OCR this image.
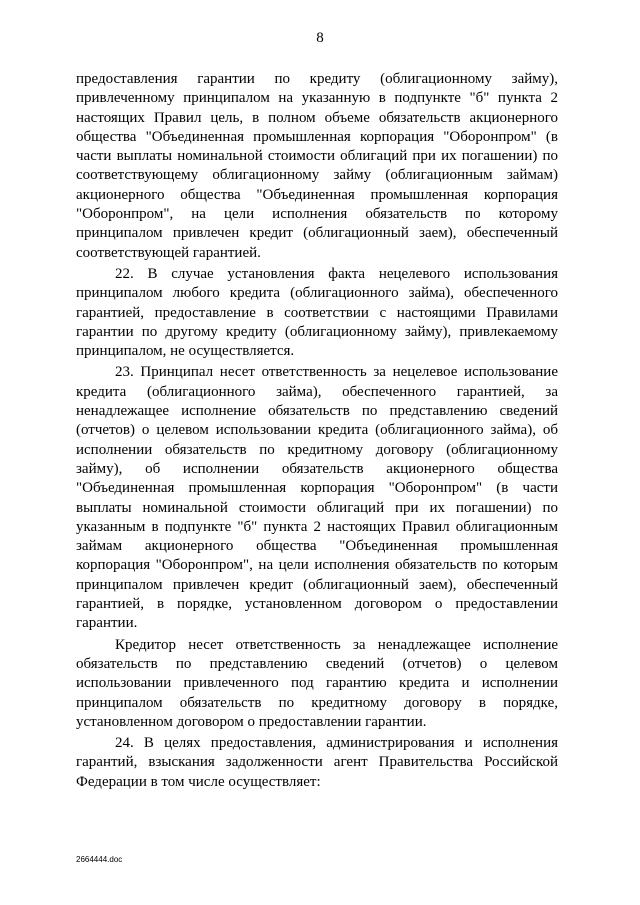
8

предоставления гарантии по кредиту (облигационному займу), привлеченному принципалом на указанную в подпункте "б" пункта 2 настоящих Правил цель, в полном объеме обязательств акционерного общества "Объединенная промышленная корпорация "Оборонпром" (в части выплаты номинальной стоимости облигаций при их погашении) по соответствующему облигационному займу (облигационным займам) акционерного общества "Объединенная промышленная корпорация "Оборонпром", на цели исполнения обязательств по которому принципалом привлечен кредит (облигационный заем), обеспеченный соответствующей гарантией.

22. В случае установления факта нецелевого использования принципалом любого кредита (облигационного займа), обеспеченного гарантией, предоставление в соответствии с настоящими Правилами гарантии по другому кредиту (облигационному займу), привлекаемому принципалом, не осуществляется.

23. Принципал несет ответственность за нецелевое использование кредита (облигационного займа), обеспеченного гарантией, за ненадлежащее исполнение обязательств по представлению сведений (отчетов) о целевом использовании кредита (облигационного займа), об исполнении обязательств по кредитному договору (облигационному займу), об исполнении обязательств акционерного общества "Объединенная промышленная корпорация "Оборонпром" (в части выплаты номинальной стоимости облигаций при их погашении) по указанным в подпункте "б" пункта 2 настоящих Правил облигационным займам акционерного общества "Объединенная промышленная корпорация "Оборонпром", на цели исполнения обязательств по которым принципалом привлечен кредит (облигационный заем), обеспеченный гарантией, в порядке, установленном договором о предоставлении гарантии.

Кредитор несет ответственность за ненадлежащее исполнение обязательств по представлению сведений (отчетов) о целевом использовании привлеченного под гарантию кредита и исполнении принципалом обязательств по кредитному договору в порядке, установленном договором о предоставлении гарантии.

24. В целях предоставления, администрирования и исполнения гарантий, взыскания задолженности агент Правительства Российской Федерации в том числе осуществляет:

2664444.doc
